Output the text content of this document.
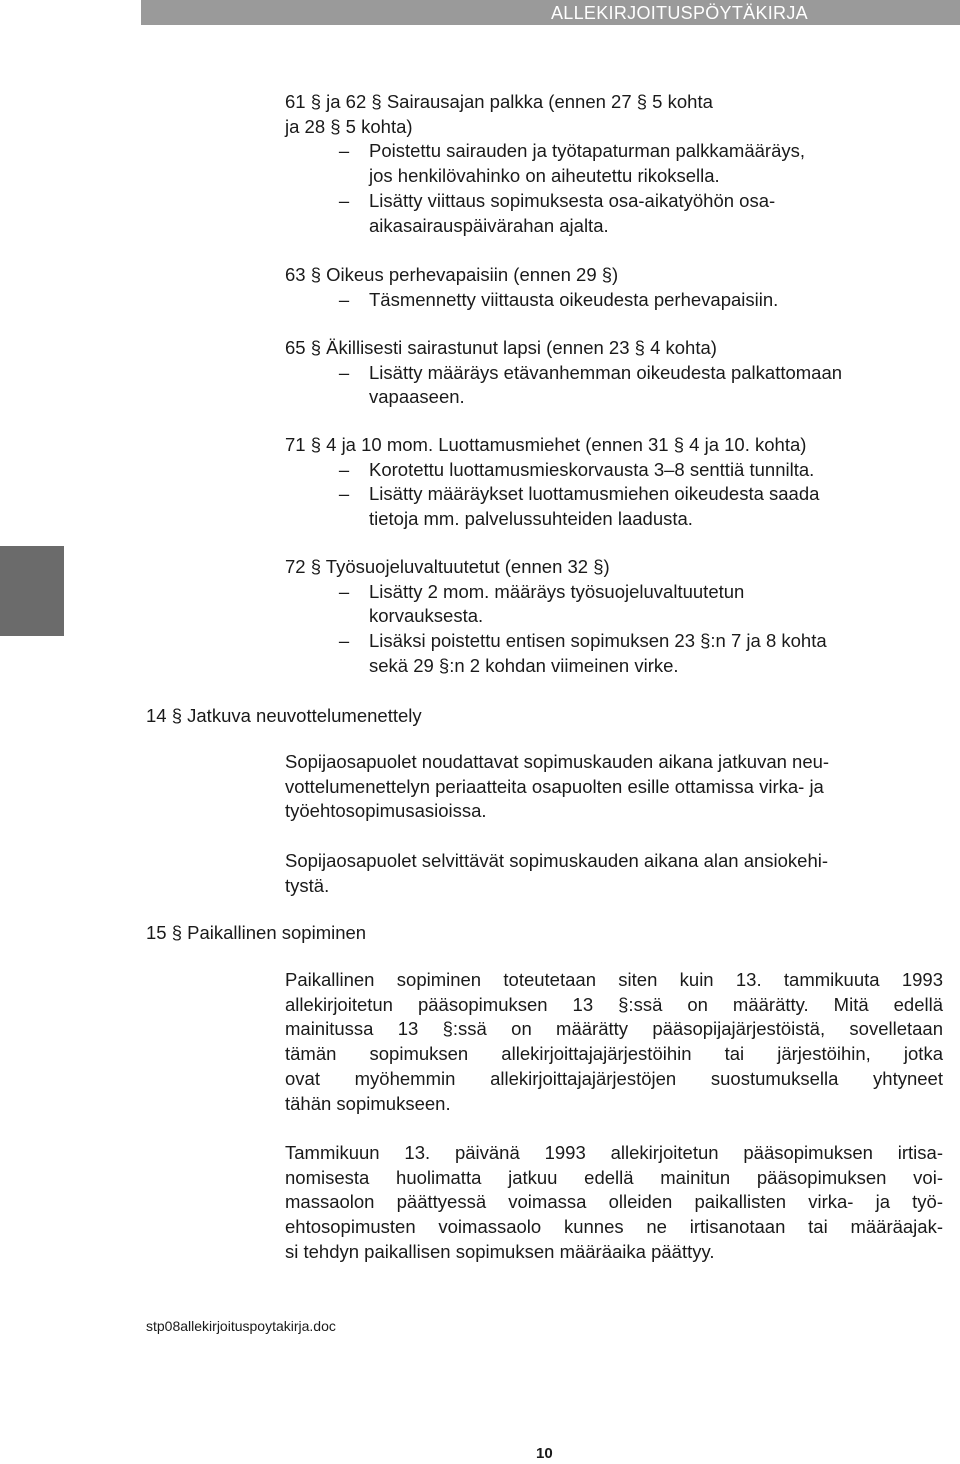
ALLEKIRJOITUSPÖYTÄKIRJA
61 § ja 62 § Sairausajan palkka (ennen 27 § 5 kohta
ja 28 § 5 kohta)
–	Poistettu sairauden ja työtapaturman palkkamääräys,
jos henkilövahinko on aiheutettu rikoksella.
–	Lisätty viittaus sopimuksesta osa-aikatyöhön osa-
aikasairauspäivärahan ajalta.
63 § Oikeus perhevapaisiin (ennen 29 §)
–	Täsmennetty viittausta oikeudesta perhevapaisiin.
65 § Äkillisesti sairastunut lapsi (ennen 23 § 4 kohta)
–	Lisätty määräys etävanhemman oikeudesta palkattomaan
vapaaseen.
71 § 4 ja 10 mom. Luottamusmiehet (ennen 31 § 4 ja 10. kohta)
–	Korotettu luottamusmieskorvausta 3–8 senttiä tunnilta.
–	Lisätty määräykset luottamusmiehen oikeudesta saada
tietoja mm. palvelussuhteiden laadusta.
72 § Työsuojeluvaltuutetut (ennen 32 §)
–	Lisätty 2 mom. määräys työsuojeluvaltuutetun
korvauksesta.
–	Lisäksi poistettu entisen sopimuksen 23 §:n 7 ja 8 kohta
sekä 29 §:n 2 kohdan viimeinen virke.
14 § Jatkuva neuvottelumenettely
Sopijaosapuolet noudattavat sopimuskauden aikana jatkuvan neu-
vottelumenettelyn periaatteita osapuolten esille ottamissa virka- ja
työehtosopimusasioissa.
Sopijaosapuolet selvittävät sopimuskauden aikana alan ansiokehi-
tystä.
15 § Paikallinen sopiminen
Paikallinen sopiminen toteutetaan siten kuin 13. tammikuuta 1993
allekirjoitetun pääsopimuksen 13 §:ssä on määrätty. Mitä edellä
mainitussa 13 §:ssä on määrätty pääsopijajärjestöistä, sovelletaan
tämän sopimuksen allekirjoittajajärjestöihin tai järjestöihin, jotka
ovat myöhemmin allekirjoittajajärjestöjen suostumuksella yhtyneet
tähän sopimukseen.
Tammikuun 13. päivänä 1993 allekirjoitetun pääsopimuksen irtisa-
nomisesta huolimatta jatkuu edellä mainitun pääsopimuksen voi-
massaolon päättyessä voimassa olleiden paikallisten virka- ja työ-
ehtosopimusten voimassaolo kunnes ne irtisanotaan tai määräajak-
si tehdyn paikallisen sopimuksen määräaika päättyy.
stp08allekirjoituspoytakirja.doc
10
